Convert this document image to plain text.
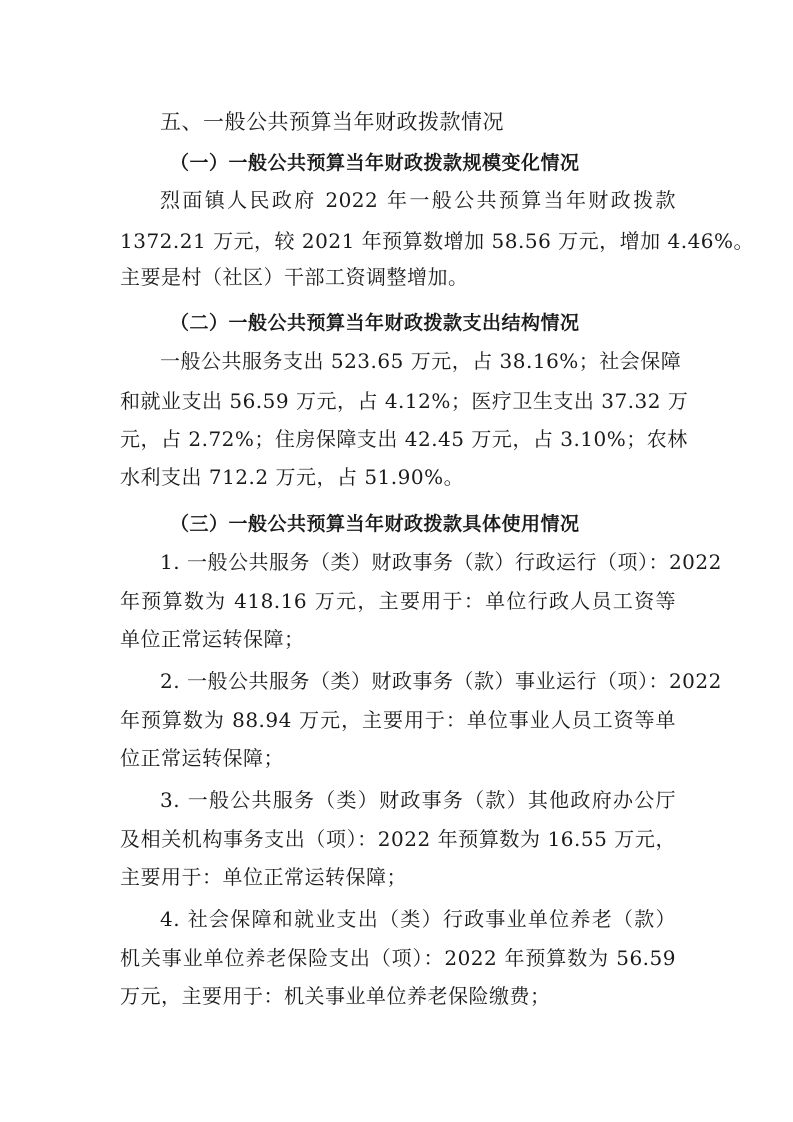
五、一般公共预算当年财政拨款情况
（一）一般公共预算当年财政拨款规模变化情况
烈面镇人民政府 2022 年一般公共预算当年财政拨款
1372.21 万元，较 2021 年预算数增加 58.56 万元，增加 4.46%。
主要是村（社区）干部工资调整增加。
（二）一般公共预算当年财政拨款支出结构情况
一般公共服务支出 523.65 万元，占 38.16%；社会保障
和就业支出 56.59 万元，占 4.12%；医疗卫生支出 37.32 万
元，占 2.72%；住房保障支出 42.45 万元，占 3.10%；农林
水利支出 712.2 万元，占 51.90%。
（三）一般公共预算当年财政拨款具体使用情况
1. 一般公共服务（类）财政事务（款）行政运行（项）：2022
年预算数为 418.16 万元，主要用于：单位行政人员工资等
单位正常运转保障；
2. 一般公共服务（类）财政事务（款）事业运行（项）：2022
年预算数为 88.94 万元，主要用于：单位事业人员工资等单
位正常运转保障；
3. 一般公共服务（类）财政事务（款）其他政府办公厅
及相关机构事务支出（项）：2022 年预算数为 16.55 万元，
主要用于：单位正常运转保障；
4. 社会保障和就业支出（类）行政事业单位养老（款）
机关事业单位养老保险支出（项）：2022 年预算数为 56.59
万元，主要用于：机关事业单位养老保险缴费；
